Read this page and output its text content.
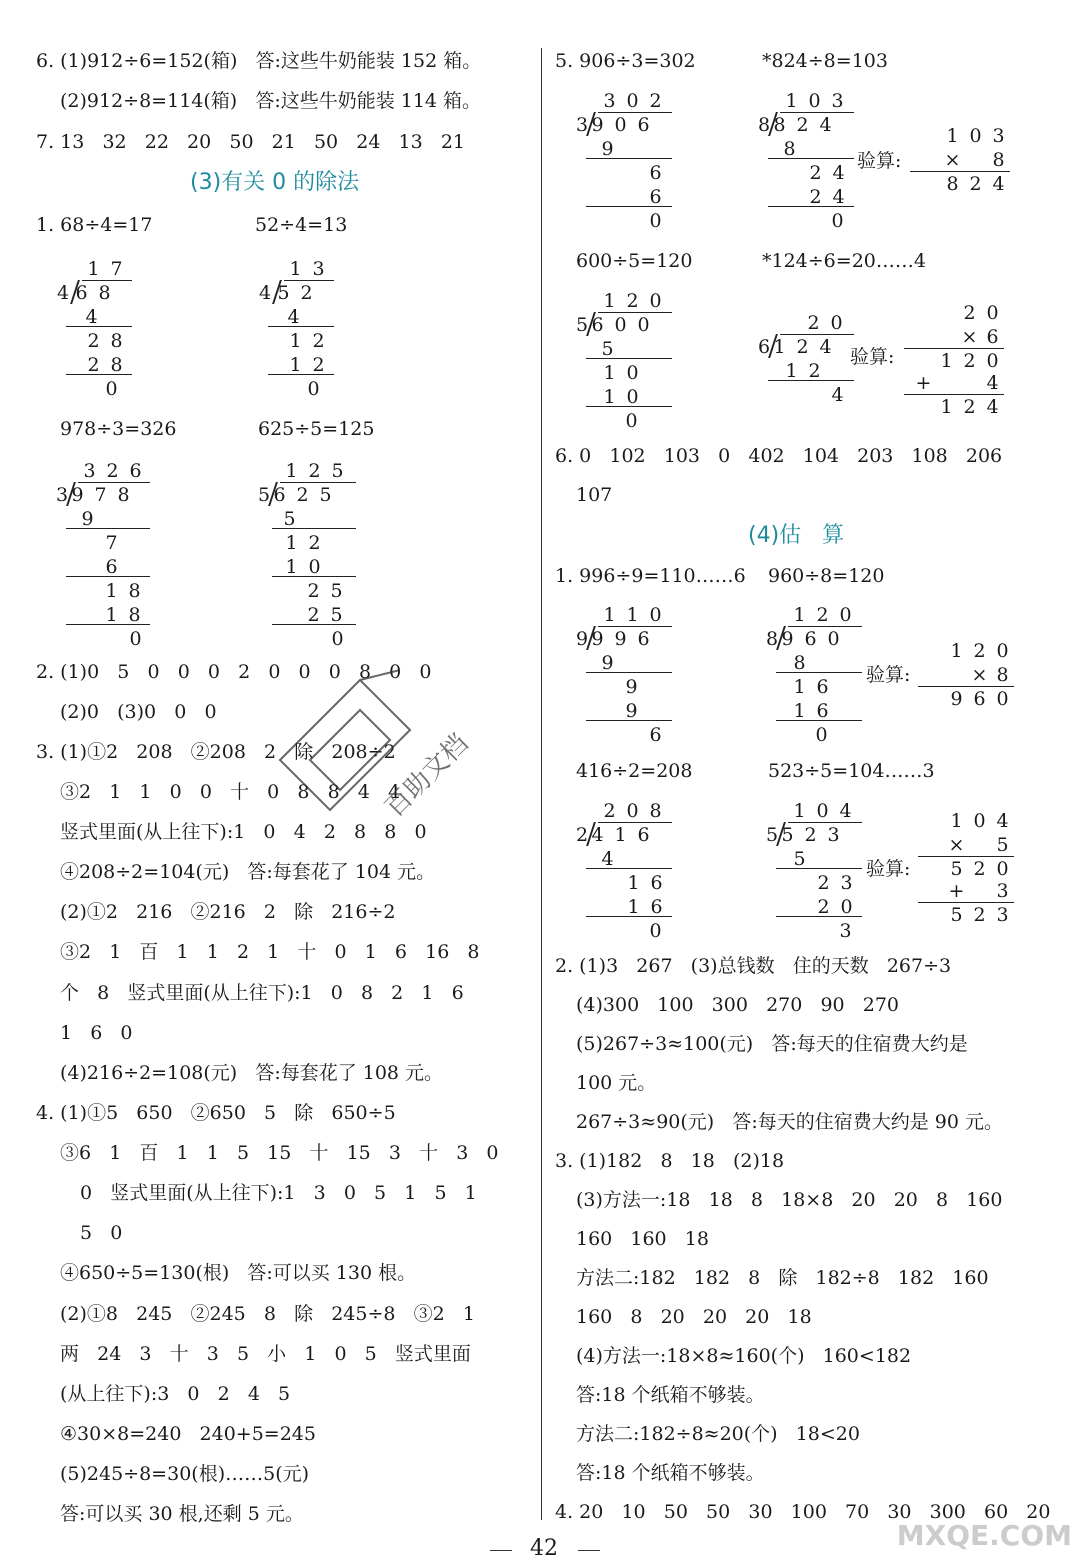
6. (1)912÷6=152(箱)   答:这些牛奶能装 152 箱。
(2)912÷8=114(箱)   答:这些牛奶能装 114 箱。
7. 13   32   22   20   50   21   50   24   13   21
(3)有关 0 的除法
1. 68÷4=17	52÷4=13
1 7
4 6 8
4
2 8
2 8
0
1 3
4 5 2
4
1 2
1 2
0
978÷3=326	625÷5=125
3 2 6
3 9 7 8
9
7
6
1 8
1 8
0
1 2 5
5 6 2 5
5
1 2
1 0
2 5
2 5
0
2. (1)0   5   0   0   0   2   0   0   0   8   0   0
(2)0   (3)0   0   0
3. (1)①2   208   ②208   2   除   208÷2
③2   1   1   0   0   十   0   8   8   4   4
竖式里面(从上往下):1   0   4   2   8   8   0
④208÷2=104(元)   答:每套花了 104 元。
(2)①2   216   ②216   2   除   216÷2
③2   1   百   1   1   2   1   十   0   1   6   16   8
个   8   竖式里面(从上往下):1   0   8   2   1   6
1   6   0
(4)216÷2=108(元)   答:每套花了 108 元。
4. (1)①5   650   ②650   5   除   650÷5
③6   1   百   1   1   5   15   十   15   3   十   3   0
0   竖式里面(从上往下):1   3   0   5   1   5   1
5   0
④650÷5=130(根)   答:可以买 130 根。
(2)①8   245   ②245   8   除   245÷8   ③2   1
两   24   3   十   3   5   小   1   0   5   竖式里面
(从上往下):3   0   2   4   5
④30×8=240   240+5=245
(5)245÷8=30(根)……5(元)
答:可以买 30 根,还剩 5 元。
百助文档
5. 906÷3=302	*824÷8=103
3 0 2
3 9 0 6
9
6
6
0
1 0 3
8 8 2 4
8
2 4
2 4
0
验算:
1 0 3
× 8
8 2 4
600÷5=120	*124÷6=20……4
1 2 0
5 6 0 0
5
1 0
1 0
0
2 0
6 1 2 4
1 2
4
验算:
2 0
× 6
1 2 0
+	4
1 2 4
6. 0   102   103   0   402   104   203   108   206
107
(4)估   算
1. 996÷9=110……6 960÷8=120
1 1 0
9 9 9 6
9
9
9
6
1 2 0
8 9 6 0
8
1 6
1 6
0
验算:
1 2 0
× 8
9 6 0
416÷2=208	523÷5=104……3
2 0 8
2 4 1 6
4
1 6
1 6
0
1 0 4
5 5 2 3
5
2 3
2 0
3
验算:
1 0 4
× 5
5 2 0
+ 3
5 2 3
2. (1)3   267   (3)总钱数   住的天数   267÷3
(4)300   100   300   270   90   270
(5)267÷3≈100(元)   答:每天的住宿费大约是
100 元。
267÷3≈90(元)   答:每天的住宿费大约是 90 元。
3. (1)182   8   18   (2)18
(3)方法一:18   18   8   18×8   20   20   8   160
160   160   18
方法二:182   182   8   除   182÷8   182   160
160   8   20   20   20   18
(4)方法一:18×8≈160(个)   160<182
答:18 个纸箱不够装。
方法二:182÷8≈20(个)   18<20
答:18 个纸箱不够装。
4. 20   10   50   50   30   100   70   30   300   60   20
42	MXQE.COM
